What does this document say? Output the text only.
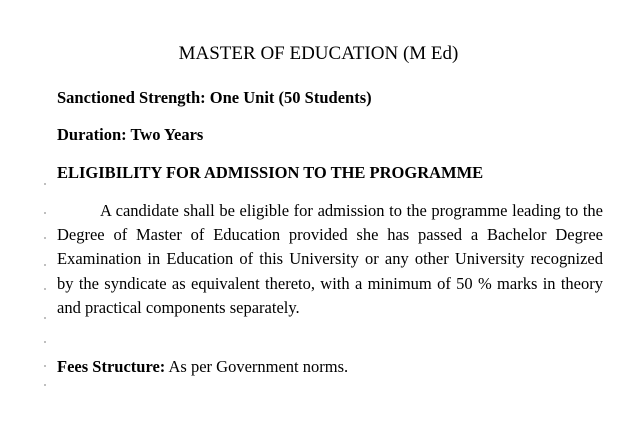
MASTER OF EDUCATION (M Ed)

Sanctioned Strength: One Unit (50 Students)

Duration: Two Years

ELIGIBILITY FOR ADMISSION TO THE PROGRAMME

A candidate shall be eligible for admission to the programme leading to the Degree of Master of Education provided she has passed a Bachelor Degree Examination in Education of this University or any other University recognized by the syndicate as equivalent thereto, with a minimum of 50 % marks in theory and practical components separately.

Fees Structure: As per Government norms.
